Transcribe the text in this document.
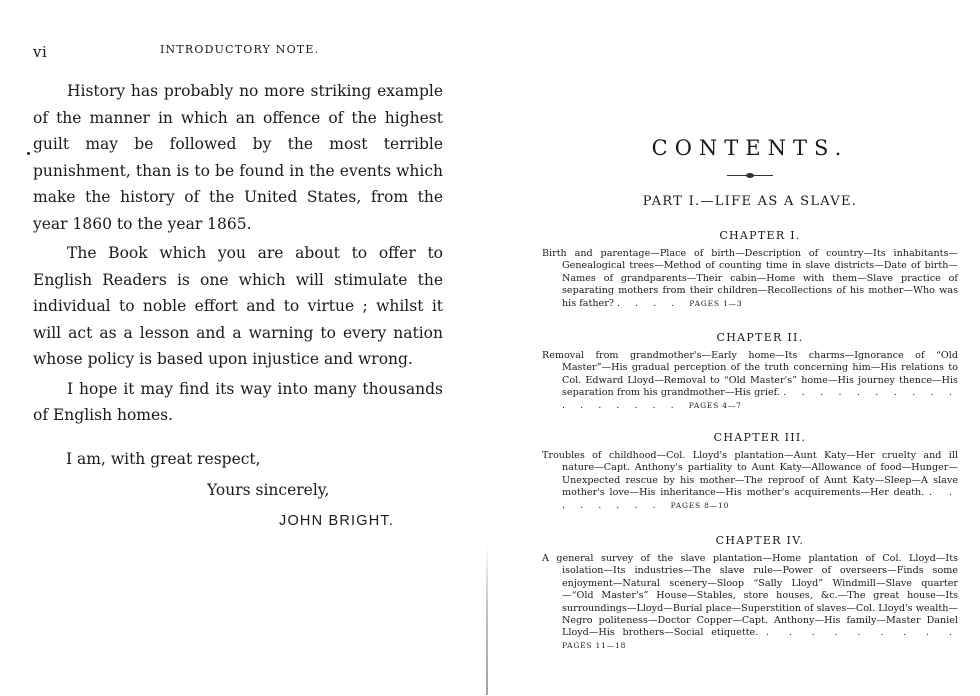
vi	INTRODUCTORY NOTE.

History has probably no more striking example of the manner in which an offence of the highest guilt may be followed by the most terrible punishment, than is to be found in the events which make the history of the United States, from the year 1860 to the year 1865.

The Book which you are about to offer to English Readers is one which will stimulate the individual to noble effort and to virtue ; whilst it will act as a lesson and a warning to every nation whose policy is based upon injustice and wrong.

I hope it may find its way into many thousands of English homes.

I am, with great respect,
Yours sincerely,
JOHN BRIGHT.
CONTENTS.
PART I.—LIFE AS A SLAVE.
CHAPTER I.
Birth and parentage—Place of birth—Description of country—Its inhabitants—Genealogical trees—Method of counting time in slave districts—Date of birth—Names of grandparents—Their cabin—Home with them—Slave practice of separating mothers from their children—Recollections of his mother—Who was his father? . . . . PAGES 1—3
CHAPTER II.
Removal from grandmother's—Early home—Its charms—Ignorance of “Old Master”—His gradual perception of the truth concerning him—His relations to Col. Edward Lloyd—Removal to “Old Master's” home—His journey thence—His separation from his grandmother—His grief. . . . . . . . . . . . . . . . . . PAGES 4—7
CHAPTER III.
Troubles of childhood—Col. Lloyd's plantation—Aunt Katy—Her cruelty and ill nature—Capt. Anthony's partiality to Aunt Katy—Allowance of food—Hunger—Unexpected rescue by his mother—The reproof of Aunt Katy—Sleep—A slave mother's love—His inheritance—His mother's acquirements—Her death. . . . . . . . . PAGES 8—10
CHAPTER IV.
A general survey of the slave plantation—Home plantation of Col. Lloyd—Its isolation—Its industries—The slave rule—Power of overseers—Finds some enjoyment—Natural scenery—Sloop “Sally Lloyd” Windmill—Slave quarter—“Old Master's” House—Stables, store houses, &c.—The great house—Its surroundings—Lloyd—Burial place—Superstition of slaves—Col. Lloyd's wealth—Negro politeness—Doctor Copper—Capt. Anthony—His family—Master Daniel Lloyd—His brothers—Social etiquette. . . . . . . . . . PAGES 11—18
